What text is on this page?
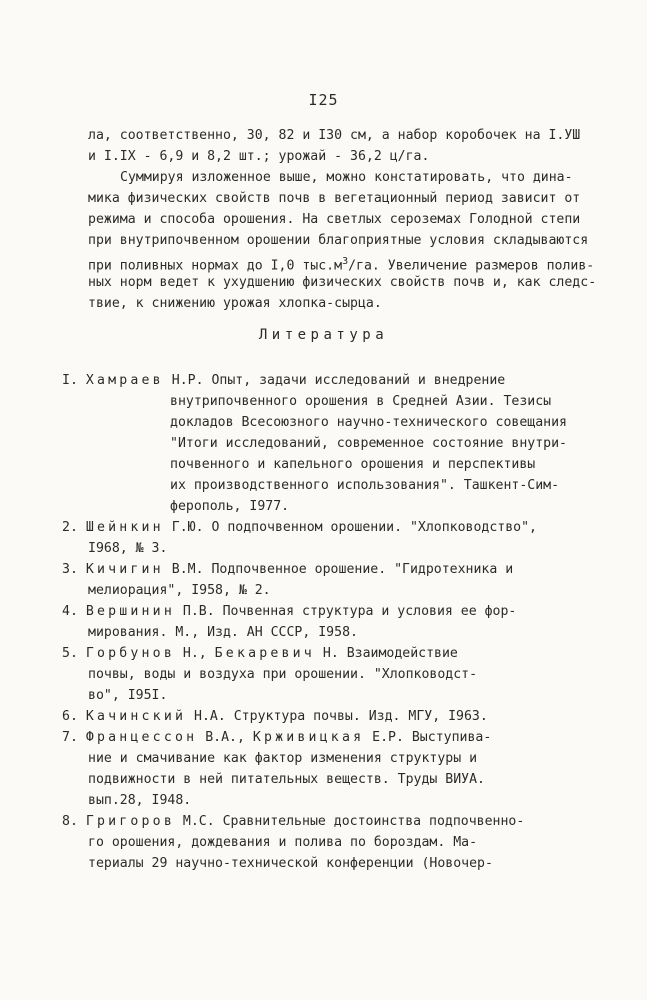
I25
ла, соответственно, 30, 82 и I30 см, а набор коробочек на I.УШ
и I.IX - 6,9 и 8,2 шт.; урожай - 36,2 ц/га.
Суммируя изложенное выше, можно констатировать, что дина-
мика физических свойств почв в вегетационный период зависит от
режима и способа орошения. На светлых сероземах Голодной степи
при внутрипочвенном орошении благоприятные условия складываются
при поливных нормах до I,0 $тыс.м^3/га$. Увеличение размеров полив-
ных норм ведет к ухудшению физических свойств почв и, как следс-
твие, к снижению урожая хлопка-сырца.
Литература
I. Хамраев Н.Р. Опыт, задачи исследований и внедрение
внутрипочвенного орошения в Средней Азии. Тезисы
докладов Всесоюзного научно-технического совещания
"Итоги исследований, современное состояние внутри-
почвенного и капельного орошения и перспективы
их производственного использования". Ташкент-Сим-
ферополь, I977.
2. Шейнкин Г.Ю. О подпочвенном орошении. "Хлопководство",
I968, № 3.
3. Кичигин В.М. Подпочвенное орошение. "Гидротехника и
мелиорация", I958, № 2.
4. Вершинин П.В. Почвенная структура и условия ее фор-
мирования. М., Изд. АН СССР, I958.
5. Горбунов Н., Бекаревич Н. Взаимодействие
почвы, воды и воздуха при орошении. "Хлопководст-
во", I95I.
6. Качинский Н.А. Структура почвы. Изд. МГУ, I963.
7. Францессон В.А., Крживицкая Е.Р. Выступива-
ние и смачивание как фактор изменения структуры и
подвижности в ней питательных веществ. Труды ВИУА.
вып.28, I948.
8. Григоров М.С. Сравнительные достоинства подпочвенно-
го орошения, дождевания и полива по бороздам. Ма-
териалы 29 научно-технической конференции (Новочер-
